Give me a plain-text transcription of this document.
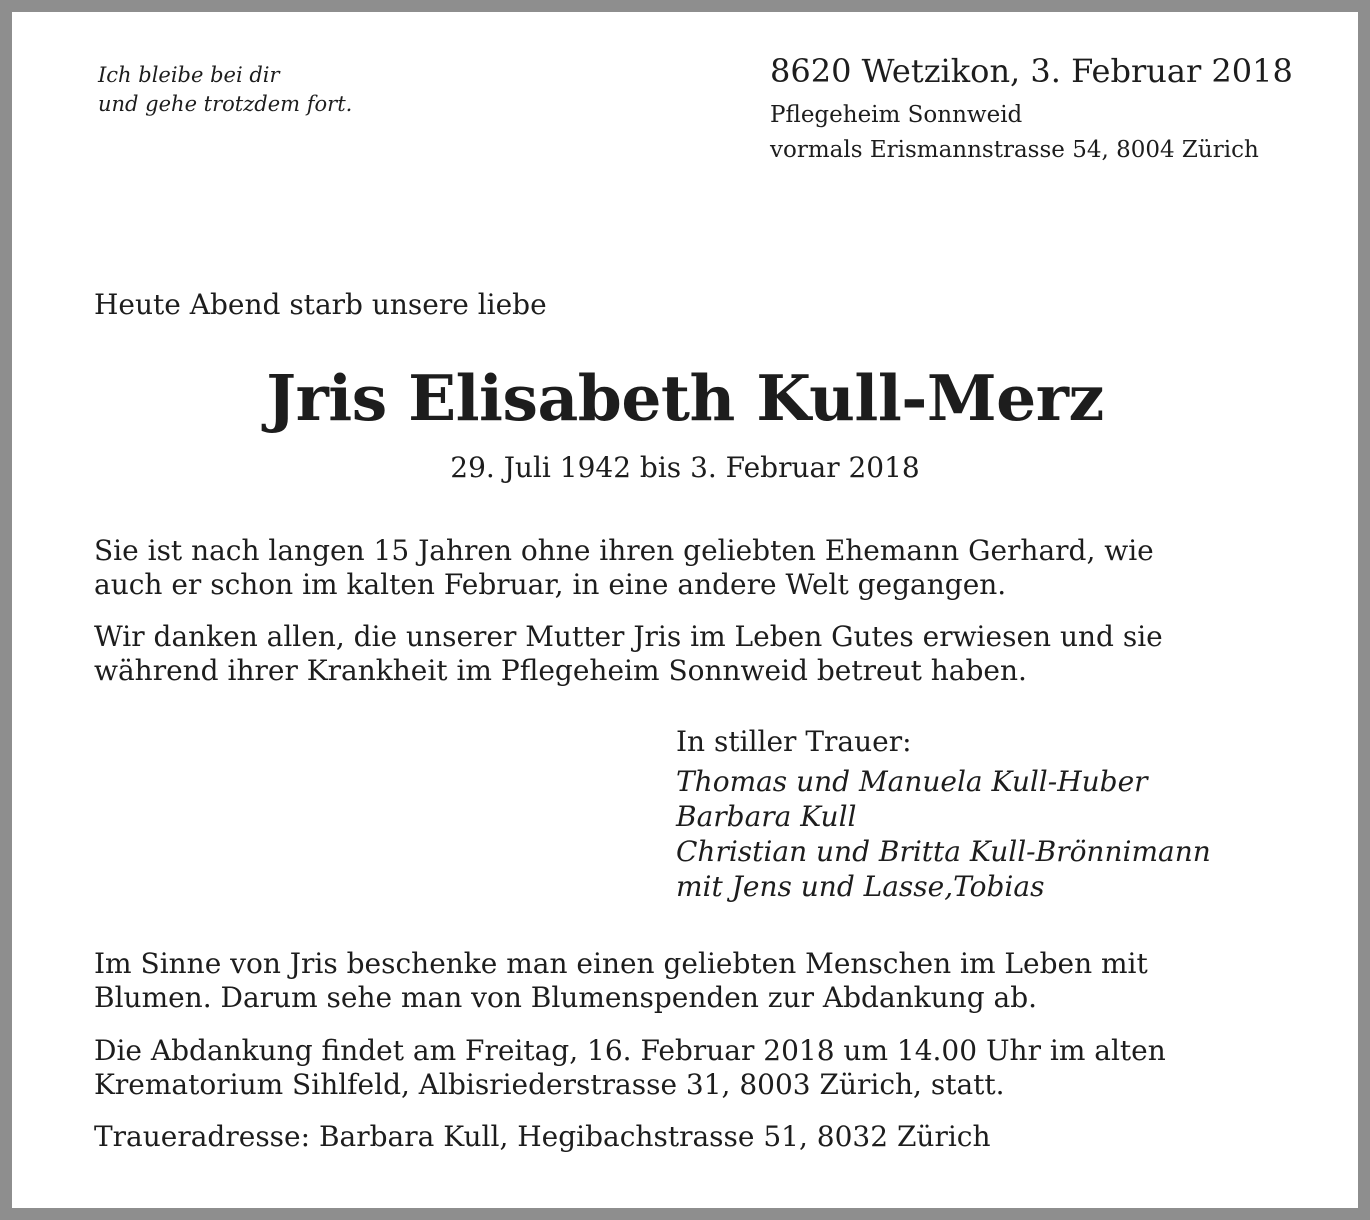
Ich bleibe bei dir
und gehe trotzdem fort.
8620 Wetzikon, 3. Februar 2018
Pflegeheim Sonnweid
vormals Erismannstrasse 54, 8004 Zürich
Heute Abend starb unsere liebe
Jris Elisabeth Kull-Merz
29. Juli 1942 bis 3. Februar 2018
Sie ist nach langen 15 Jahren ohne ihren geliebten Ehemann Gerhard, wie
auch er schon im kalten Februar, in eine andere Welt gegangen.
Wir danken allen, die unserer Mutter Jris im Leben Gutes erwiesen und sie
während ihrer Krankheit im Pflegeheim Sonnweid betreut haben.
In stiller Trauer:
Thomas und Manuela Kull-Huber
Barbara Kull
Christian und Britta Kull-Brönnimann
mit Jens und Lasse,Tobias
Im Sinne von Jris beschenke man einen geliebten Menschen im Leben mit
Blumen. Darum sehe man von Blumenspenden zur Abdankung ab.
Die Abdankung findet am Freitag, 16. Februar 2018 um 14.00 Uhr im alten
Krematorium Sihlfeld, Albisriederstrasse 31, 8003 Zürich, statt.
Traueradresse: Barbara Kull, Hegibachstrasse 51, 8032 Zürich
